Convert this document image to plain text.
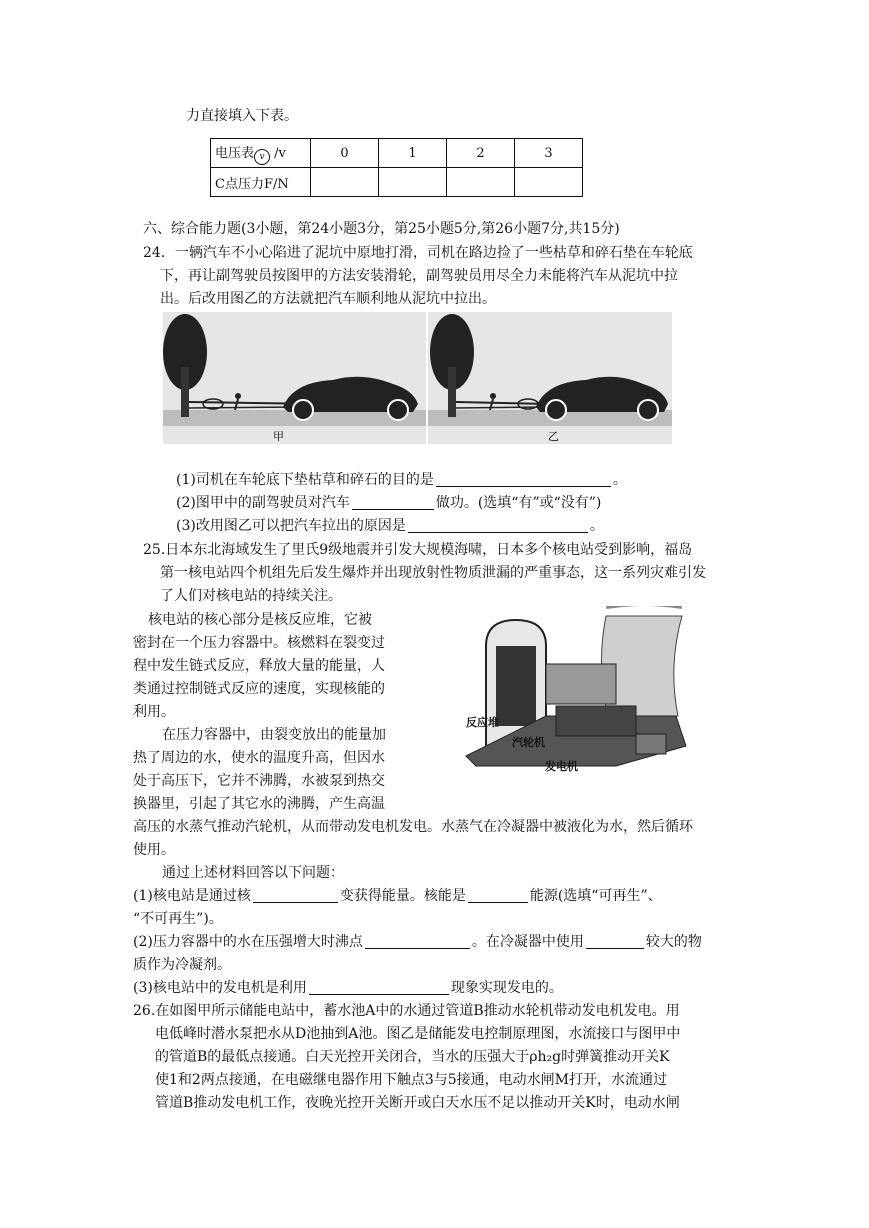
力直接填入下表。
电压表 v /v	0	1	2	3
C点压力F/N				
六、综合能力题(3小题，第24小题3分，第25小题5分,第26小题7分,共15分)
24．一辆汽车不小心陷进了泥坑中原地打滑，司机在路边捡了一些枯草和碎石垫在车轮底
下，再让副驾驶员按图甲的方法安装滑轮，副驾驶员用尽全力未能将汽车从泥坑中拉
出。后改用图乙的方法就把汽车顺利地从泥坑中拉出。
甲	乙
(1)司机在车轮底下垫枯草和碎石的目的是	。
(2)图甲中的副驾驶员对汽车	做功。(选填“有”或“没有”)
(3)改用图乙可以把汽车拉出的原因是	。
25.日本东北海域发生了里氏9级地震并引发大规模海啸，日本多个核电站受到影响，福岛
第一核电站四个机组先后发生爆炸并出现放射性物质泄漏的严重事态，这一系列灾难引发
了人们对核电站的持续关注。
核电站的核心部分是核反应堆，它被
密封在一个压力容器中。核燃料在裂变过
程中发生链式反应，释放大量的能量，人
类通过控制链式反应的速度，实现核能的
利用。
在压力容器中，由裂变放出的能量加
热了周边的水，使水的温度升高，但因水
处于高压下，它并不沸腾，水被泵到热交
换器里，引起了其它水的沸腾，产生高温
高压的水蒸气推动汽轮机，从而带动发电机发电。水蒸气在冷凝器中被液化为水，然后循环
使用。
反应堆
汽轮机
发电机
通过上述材料回答以下问题：
(1)核电站是通过核	变获得能量。核能是	能源(选填“可再生”、
“不可再生”)。
(2)压力容器中的水在压强增大时沸点	。在冷凝器中使用	较大的物
质作为冷凝剂。
(3)核电站中的发电机是利用	现象实现发电的。
26.在如图甲所示储能电站中，蓄水池A中的水通过管道B推动水轮机带动发电机发电。用
电低峰时潜水泵把水从D池抽到A池。图乙是储能发电控制原理图，水流接口与图甲中
的管道B的最低点接通。白天光控开关闭合，当水的压强大于ρh₂g时弹簧推动开关K
使1和2两点接通，在电磁继电器作用下触点3与5接通，电动水闸M打开，水流通过
管道B推动发电机工作，夜晚光控开关断开或白天水压不足以推动开关K时，电动水闸
